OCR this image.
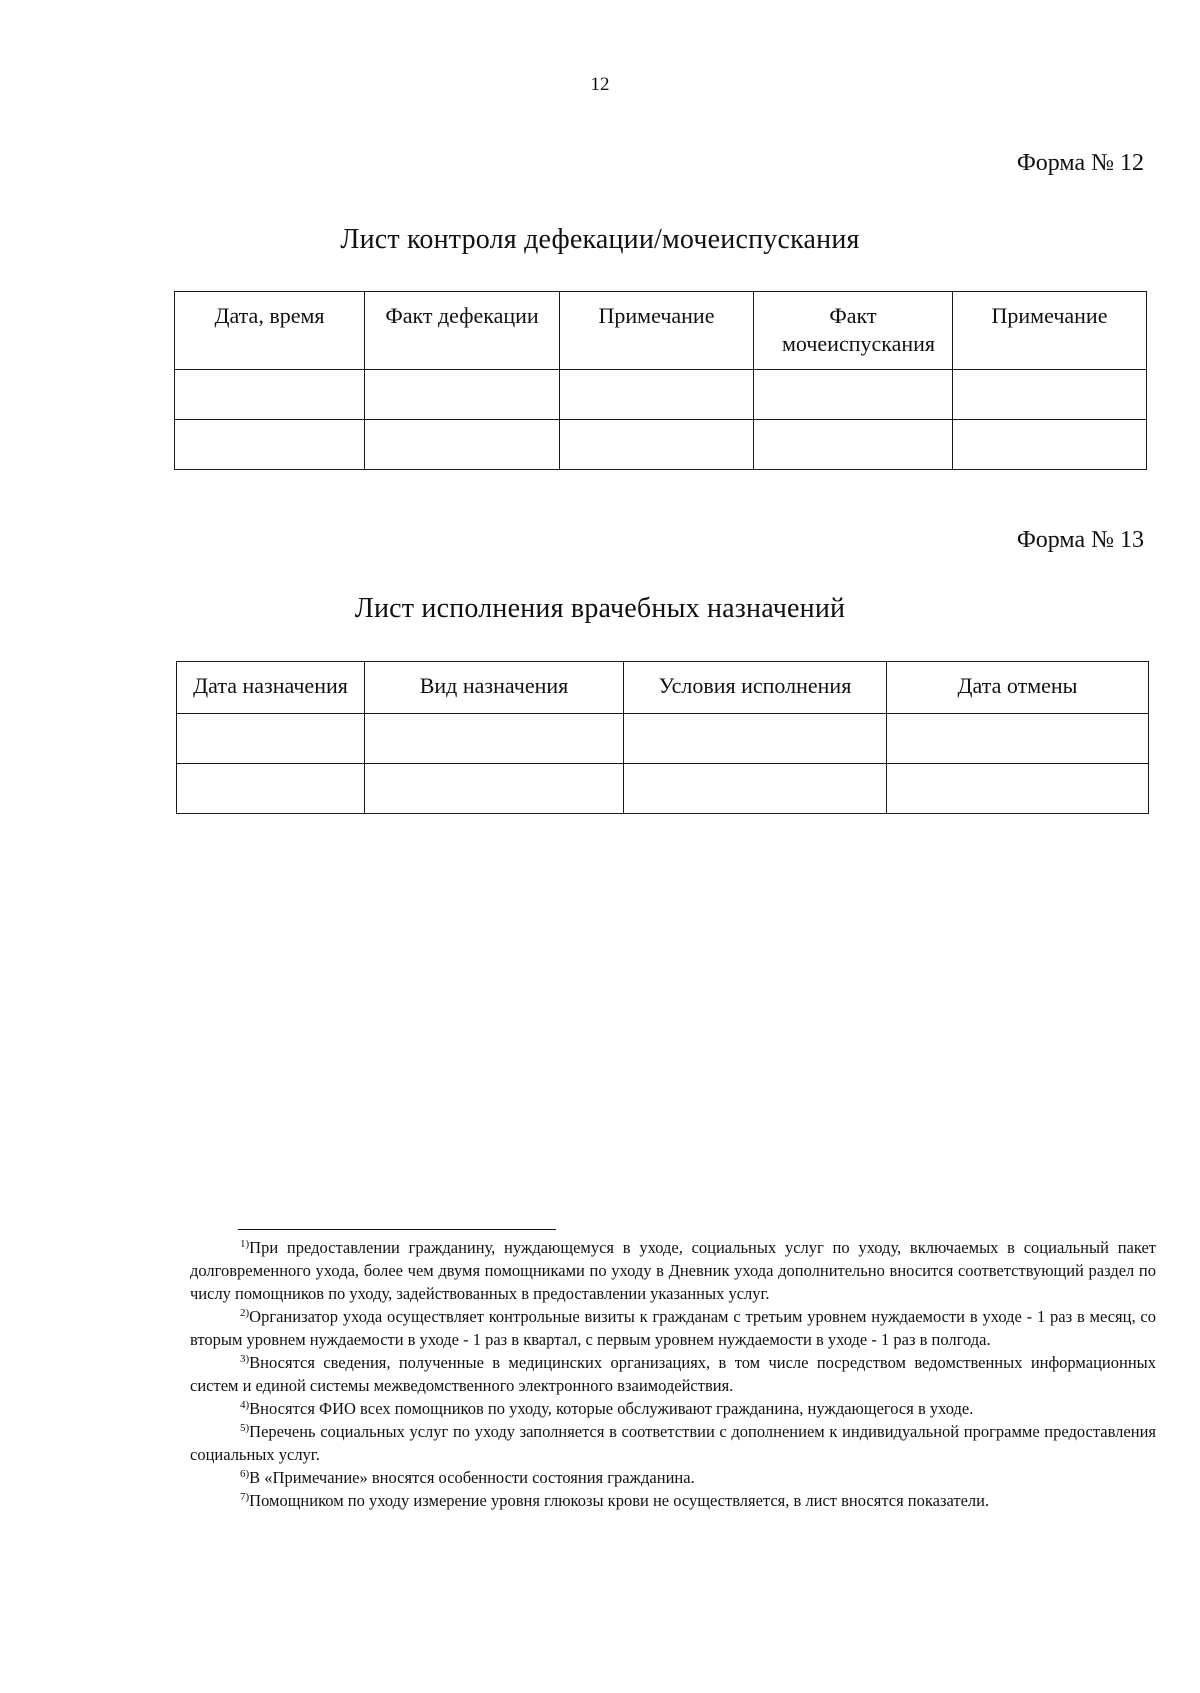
12
Форма № 12
Лист контроля дефекации/мочеиспускания
Дата, время	Факт дефекации	Примечание	Факт мочеиспускания	Примечание

Форма № 13
Лист исполнения врачебных назначений
Дата назначения	Вид назначения	Условия исполнения	Дата отмены

$^{1)}$При предоставлении гражданину, нуждающемуся в уходе, социальных услуг по уходу, включаемых в социальный пакет долговременного ухода, более чем двумя помощниками по уходу в Дневник ухода дополнительно вносится соответствующий раздел по числу помощников по уходу, задействованных в предоставлении указанных услуг.

$^{2)}$Организатор ухода осуществляет контрольные визиты к гражданам с третьим уровнем нуждаемости в уходе - 1 раз в месяц, со вторым уровнем нуждаемости в уходе - 1 раз в квартал, с первым уровнем нуждаемости в уходе - 1 раз в полгода.

$^{3)}$Вносятся сведения, полученные в медицинских организациях, в том числе посредством ведомственных информационных систем и единой системы межведомственного электронного взаимодействия.

$^{4)}$Вносятся ФИО всех помощников по уходу, которые обслуживают гражданина, нуждающегося в уходе.

$^{5)}$Перечень социальных услуг по уходу заполняется в соответствии с дополнением к индивидуальной программе предоставления социальных услуг.

$^{6)}$В «Примечание» вносятся особенности состояния гражданина.

$^{7)}$Помощником по уходу измерение уровня глюкозы крови не осуществляется, в лист вносятся показатели.
